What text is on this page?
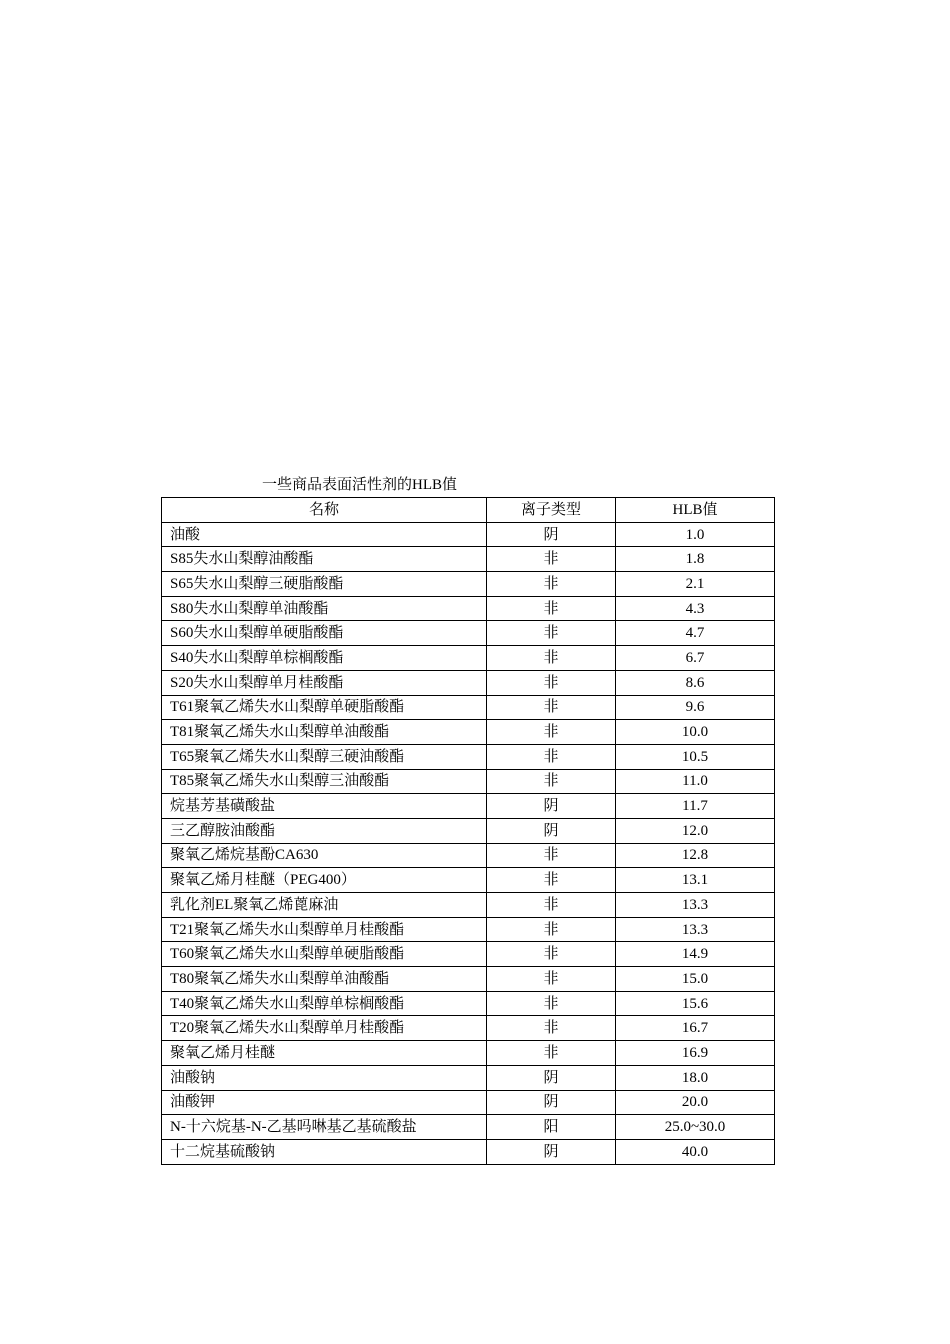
一些商品表面活性剂的HLB值
名称	离子类型	HLB值
油酸	阴	1.0
S85失水山梨醇油酸酯	非	1.8
S65失水山梨醇三硬脂酸酯	非	2.1
S80失水山梨醇单油酸酯	非	4.3
S60失水山梨醇单硬脂酸酯	非	4.7
S40失水山梨醇单棕榈酸酯	非	6.7
S20失水山梨醇单月桂酸酯	非	8.6
T61聚氧乙烯失水山梨醇单硬脂酸酯	非	9.6
T81聚氧乙烯失水山梨醇单油酸酯	非	10.0
T65聚氧乙烯失水山梨醇三硬油酸酯	非	10.5
T85聚氧乙烯失水山梨醇三油酸酯	非	11.0
烷基芳基磺酸盐	阴	11.7
三乙醇胺油酸酯	阴	12.0
聚氧乙烯烷基酚CA630	非	12.8
聚氧乙烯月桂醚（PEG400）	非	13.1
乳化剂EL聚氧乙烯蓖麻油	非	13.3
T21聚氧乙烯失水山梨醇单月桂酸酯	非	13.3
T60聚氧乙烯失水山梨醇单硬脂酸酯	非	14.9
T80聚氧乙烯失水山梨醇单油酸酯	非	15.0
T40聚氧乙烯失水山梨醇单棕榈酸酯	非	15.6
T20聚氧乙烯失水山梨醇单月桂酸酯	非	16.7
聚氧乙烯月桂醚	非	16.9
油酸钠	阴	18.0
油酸钾	阴	20.0
N-十六烷基-N-乙基吗啉基乙基硫酸盐	阳	25.0~30.0
十二烷基硫酸钠	阴	40.0
